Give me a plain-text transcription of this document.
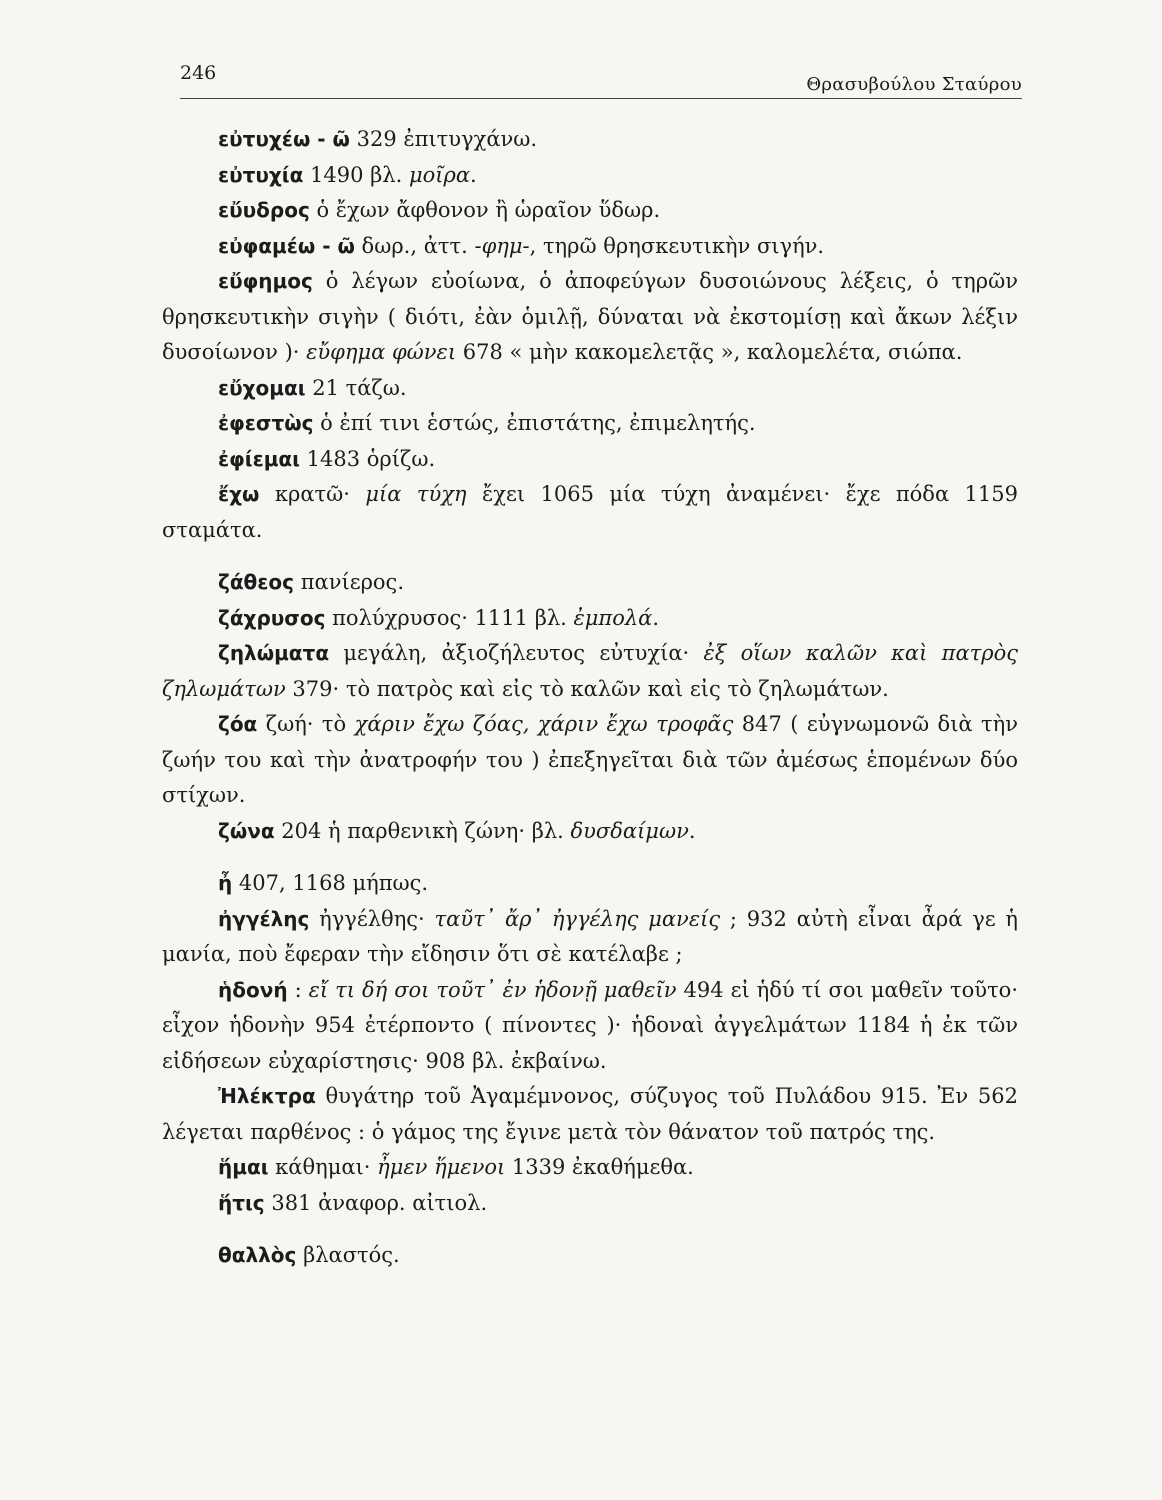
246
Θρασυβούλου Σταύρου

εὐτυχέω - ῶ 329 ἐπιτυγχάνω.

εὐτυχία 1490 βλ. μοῖρα.

εὔυδρος ὁ ἔχων ἄφθονον ἢ ὡραῖον ὕδωρ.

εὐφαμέω - ῶ δωρ., ἀττ. -φημ-, τηρῶ θρησκευτικὴν σιγήν.

εὔφημος ὁ λέγων εὐοίωνα, ὁ ἀποφεύγων δυσοιώνους λέξεις, ὁ τηρῶν θρησκευτικὴν σιγὴν ( διότι, ἐὰν ὁμιλῇ, δύναται νὰ ἐκστομίσῃ καὶ ἄκων λέξιν δυσοίωνον )· εὔφημα φώνει 678 « μὴν κακομελετᾷς », καλομελέτα, σιώπα.

εὔχομαι 21 τάζω.

ἐφεστὼς ὁ ἐπί τινι ἑστώς, ἐπιστάτης, ἐπιμελητής.

ἐφίεμαι 1483 ὁρίζω.

ἔχω κρατῶ· μία τύχη ἔχει 1065 μία τύχη ἀναμένει· ἔχε πόδα 1159 σταμάτα.

ζάθεος πανίερος.

ζάχρυσος πολύχρυσος· 1111 βλ. ἐμπολά.

ζηλώματα μεγάλη, ἀξιοζήλευτος εὐτυχία· ἐξ οἵων καλῶν καὶ πατρὸς ζηλωμάτων 379· τὸ πατρὸς καὶ εἰς τὸ καλῶν καὶ εἰς τὸ ζηλωμάτων.

ζόα ζωή· τὸ χάριν ἔχω ζόας, χάριν ἔχω τροφᾶς 847 ( εὐγνωμονῶ διὰ τὴν ζωήν του καὶ τὴν ἀνατροφήν του ) ἐπεξηγεῖται διὰ τῶν ἀμέσως ἑπομένων δύο στίχων.

ζώνα 204 ἡ παρθενικὴ ζώνη· βλ. δυσδαίμων.

ἦ 407, 1168 μήπως.

ἠγγέλης ἠγγέλθης· ταῦτ᾽ ἄρ᾽ ἠγγέλης μανείς ; 932 αὐτὴ εἶναι ἆρά γε ἡ μανία, ποὺ ἔφεραν τὴν εἴδησιν ὅτι σὲ κατέλαβε ;

ἡδονή : εἴ τι δή σοι τοῦτ᾽ ἐν ἡδονῇ μαθεῖν 494 εἰ ἡδύ τί σοι μαθεῖν τοῦτο· εἶχον ἡδονὴν 954 ἐτέρποντο ( πίνοντες )· ἡδοναὶ ἀγγελμάτων 1184 ἡ ἐκ τῶν εἰδήσεων εὐχαρίστησις· 908 βλ. ἐκβαίνω.

Ἠλέκτρα θυγάτηρ τοῦ Ἀγαμέμνονος, σύζυγος τοῦ Πυλάδου 915. Ἐν 562 λέγεται παρθένος : ὁ γάμος της ἔγινε μετὰ τὸν θάνατον τοῦ πατρός της.

ἥμαι κάθημαι· ἦμεν ἥμενοι 1339 ἐκαθήμεθα.

ἥτις 381 ἀναφορ. αἰτιολ.

θαλλὸς βλαστός.
